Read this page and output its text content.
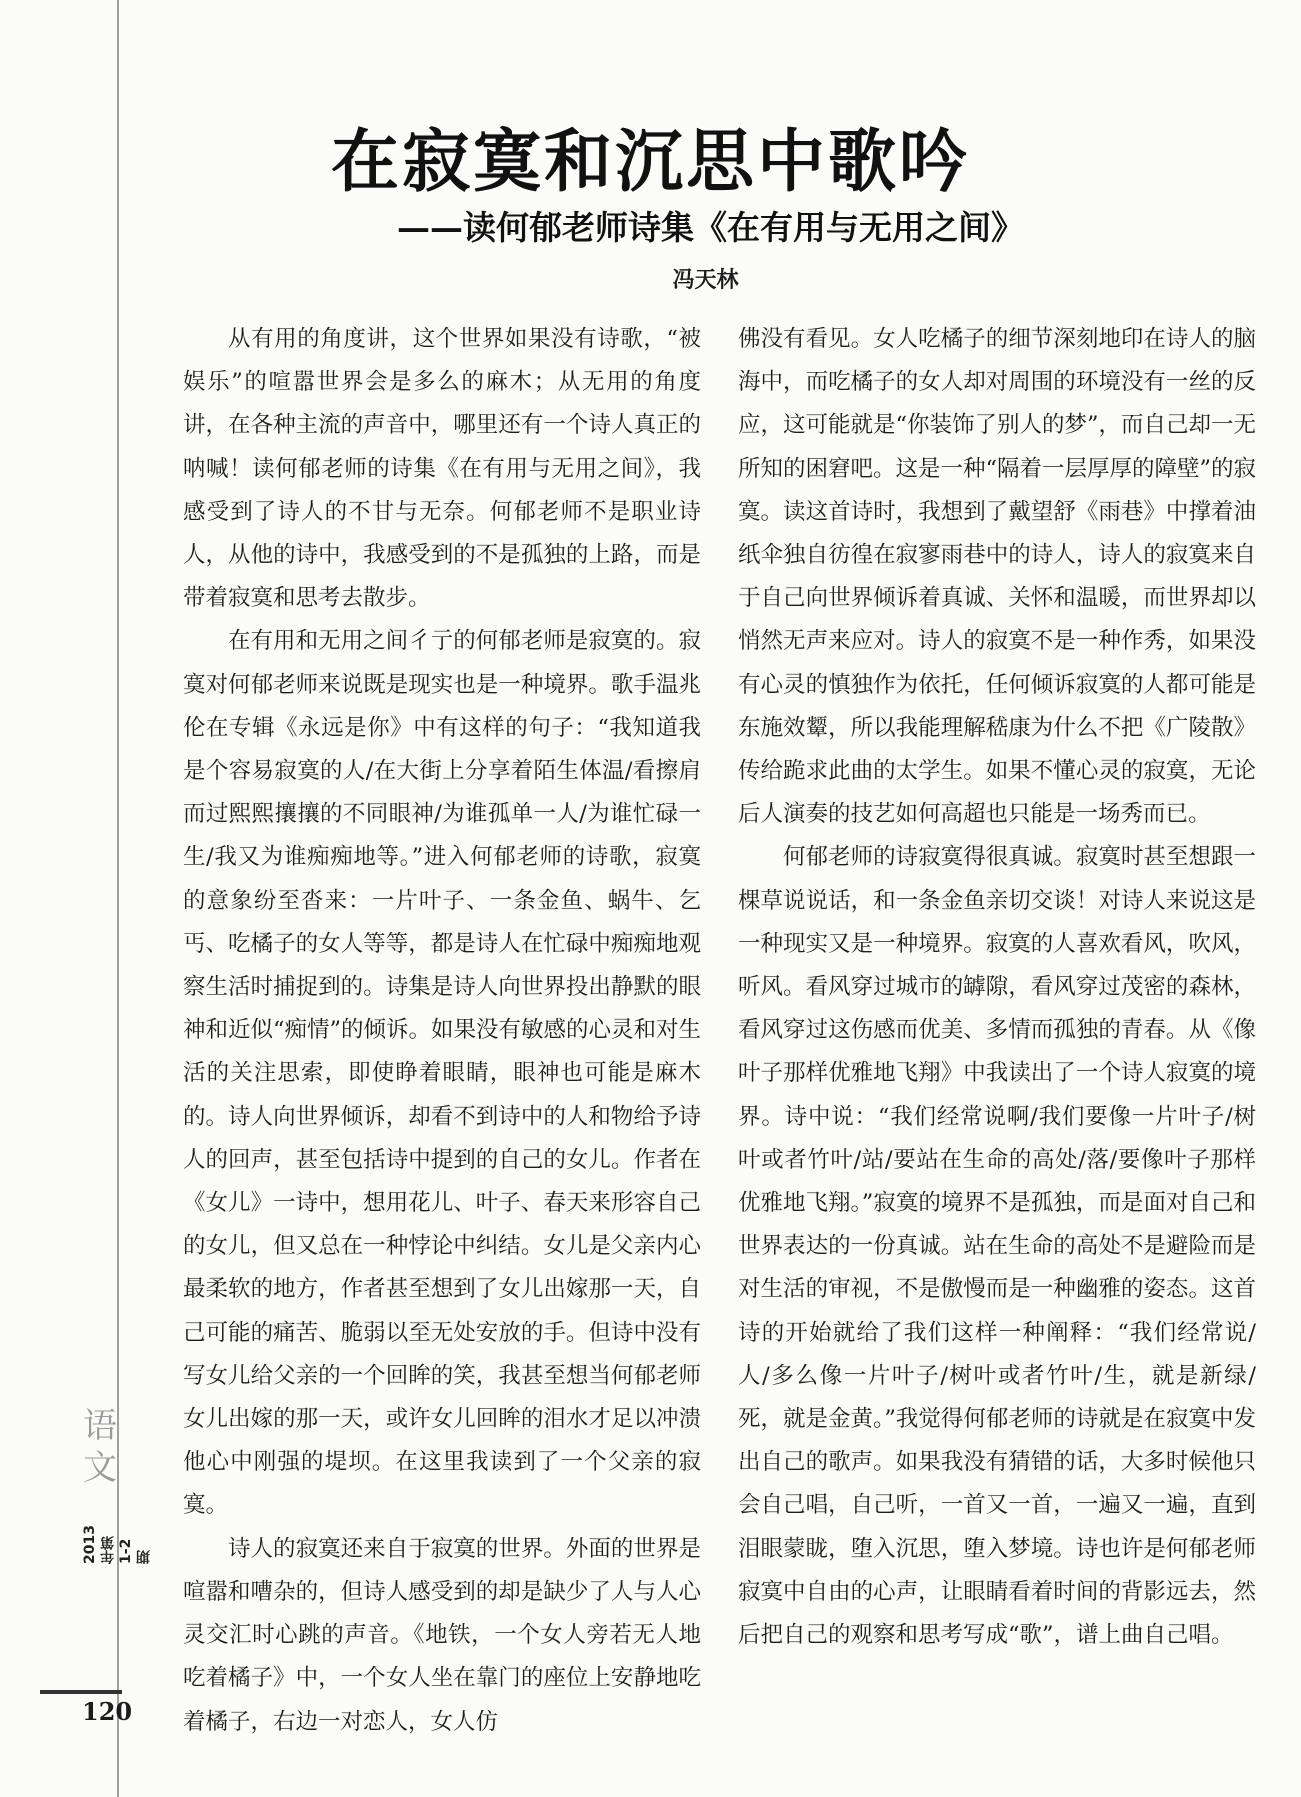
在寂寞和沉思中歌吟
——读何郁老师诗集《在有用与无用之间》
冯天林

从有用的角度讲，这个世界如果没有诗歌，“被娱乐”的喧嚣世界会是多么的麻木；从无用的角度讲，在各种主流的声音中，哪里还有一个诗人真正的呐喊！读何郁老师的诗集《在有用与无用之间》，我感受到了诗人的不甘与无奈。何郁老师不是职业诗人，从他的诗中，我感受到的不是孤独的上路，而是带着寂寞和思考去散步。

在有用和无用之间彳亍的何郁老师是寂寞的。寂寞对何郁老师来说既是现实也是一种境界。歌手温兆伦在专辑《永远是你》中有这样的句子：“我知道我是个容易寂寞的人/在大街上分享着陌生体温/看擦肩而过熙熙攘攘的不同眼神/为谁孤单一人/为谁忙碌一生/我又为谁痴痴地等。”进入何郁老师的诗歌，寂寞的意象纷至沓来：一片叶子、一条金鱼、蜗牛、乞丐、吃橘子的女人等等，都是诗人在忙碌中痴痴地观察生活时捕捉到的。诗集是诗人向世界投出静默的眼神和近似“痴情”的倾诉。如果没有敏感的心灵和对生活的关注思索，即使睁着眼睛，眼神也可能是麻木的。诗人向世界倾诉，却看不到诗中的人和物给予诗人的回声，甚至包括诗中提到的自己的女儿。作者在《女儿》一诗中，想用花儿、叶子、春天来形容自己的女儿，但又总在一种悖论中纠结。女儿是父亲内心最柔软的地方，作者甚至想到了女儿出嫁那一天，自己可能的痛苦、脆弱以至无处安放的手。但诗中没有写女儿给父亲的一个回眸的笑，我甚至想当何郁老师女儿出嫁的那一天，或许女儿回眸的泪水才足以冲溃他心中刚强的堤坝。在这里我读到了一个父亲的寂寞。

诗人的寂寞还来自于寂寞的世界。外面的世界是喧嚣和嘈杂的，但诗人感受到的却是缺少了人与人心灵交汇时心跳的声音。《地铁，一个女人旁若无人地吃着橘子》中，一个女人坐在靠门的座位上安静地吃着橘子，右边一对恋人，女人仿

佛没有看见。女人吃橘子的细节深刻地印在诗人的脑海中，而吃橘子的女人却对周围的环境没有一丝的反应，这可能就是“你装饰了别人的梦”，而自己却一无所知的困窘吧。这是一种“隔着一层厚厚的障壁”的寂寞。读这首诗时，我想到了戴望舒《雨巷》中撑着油纸伞独自彷徨在寂寥雨巷中的诗人，诗人的寂寞来自于自己向世界倾诉着真诚、关怀和温暖，而世界却以悄然无声来应对。诗人的寂寞不是一种作秀，如果没有心灵的慎独作为依托，任何倾诉寂寞的人都可能是东施效颦，所以我能理解嵇康为什么不把《广陵散》传给跪求此曲的太学生。如果不懂心灵的寂寞，无论后人演奏的技艺如何高超也只能是一场秀而已。

何郁老师的诗寂寞得很真诚。寂寞时甚至想跟一棵草说说话，和一条金鱼亲切交谈！对诗人来说这是一种现实又是一种境界。寂寞的人喜欢看风，吹风，听风。看风穿过城市的罅隙，看风穿过茂密的森林，看风穿过这伤感而优美、多情而孤独的青春。从《像叶子那样优雅地飞翔》中我读出了一个诗人寂寞的境界。诗中说：“我们经常说啊/我们要像一片叶子/树叶或者竹叶/站/要站在生命的高处/落/要像叶子那样优雅地飞翔。”寂寞的境界不是孤独，而是面对自己和世界表达的一份真诚。站在生命的高处不是避险而是对生活的审视，不是傲慢而是一种幽雅的姿态。这首诗的开始就给了我们这样一种阐释：“我们经常说/人/多么像一片叶子/树叶或者竹叶/生，就是新绿/死，就是金黄。”我觉得何郁老师的诗就是在寂寞中发出自己的歌声。如果我没有猜错的话，大多时候他只会自己唱，自己听，一首又一首，一遍又一遍，直到泪眼蒙眬，堕入沉思，堕入梦境。诗也许是何郁老师寂寞中自由的心声，让眼睛看着时间的背影远去，然后把自己的观察和思考写成“歌”，谱上曲自己唱。

语
文
2013年第1-2期
120
